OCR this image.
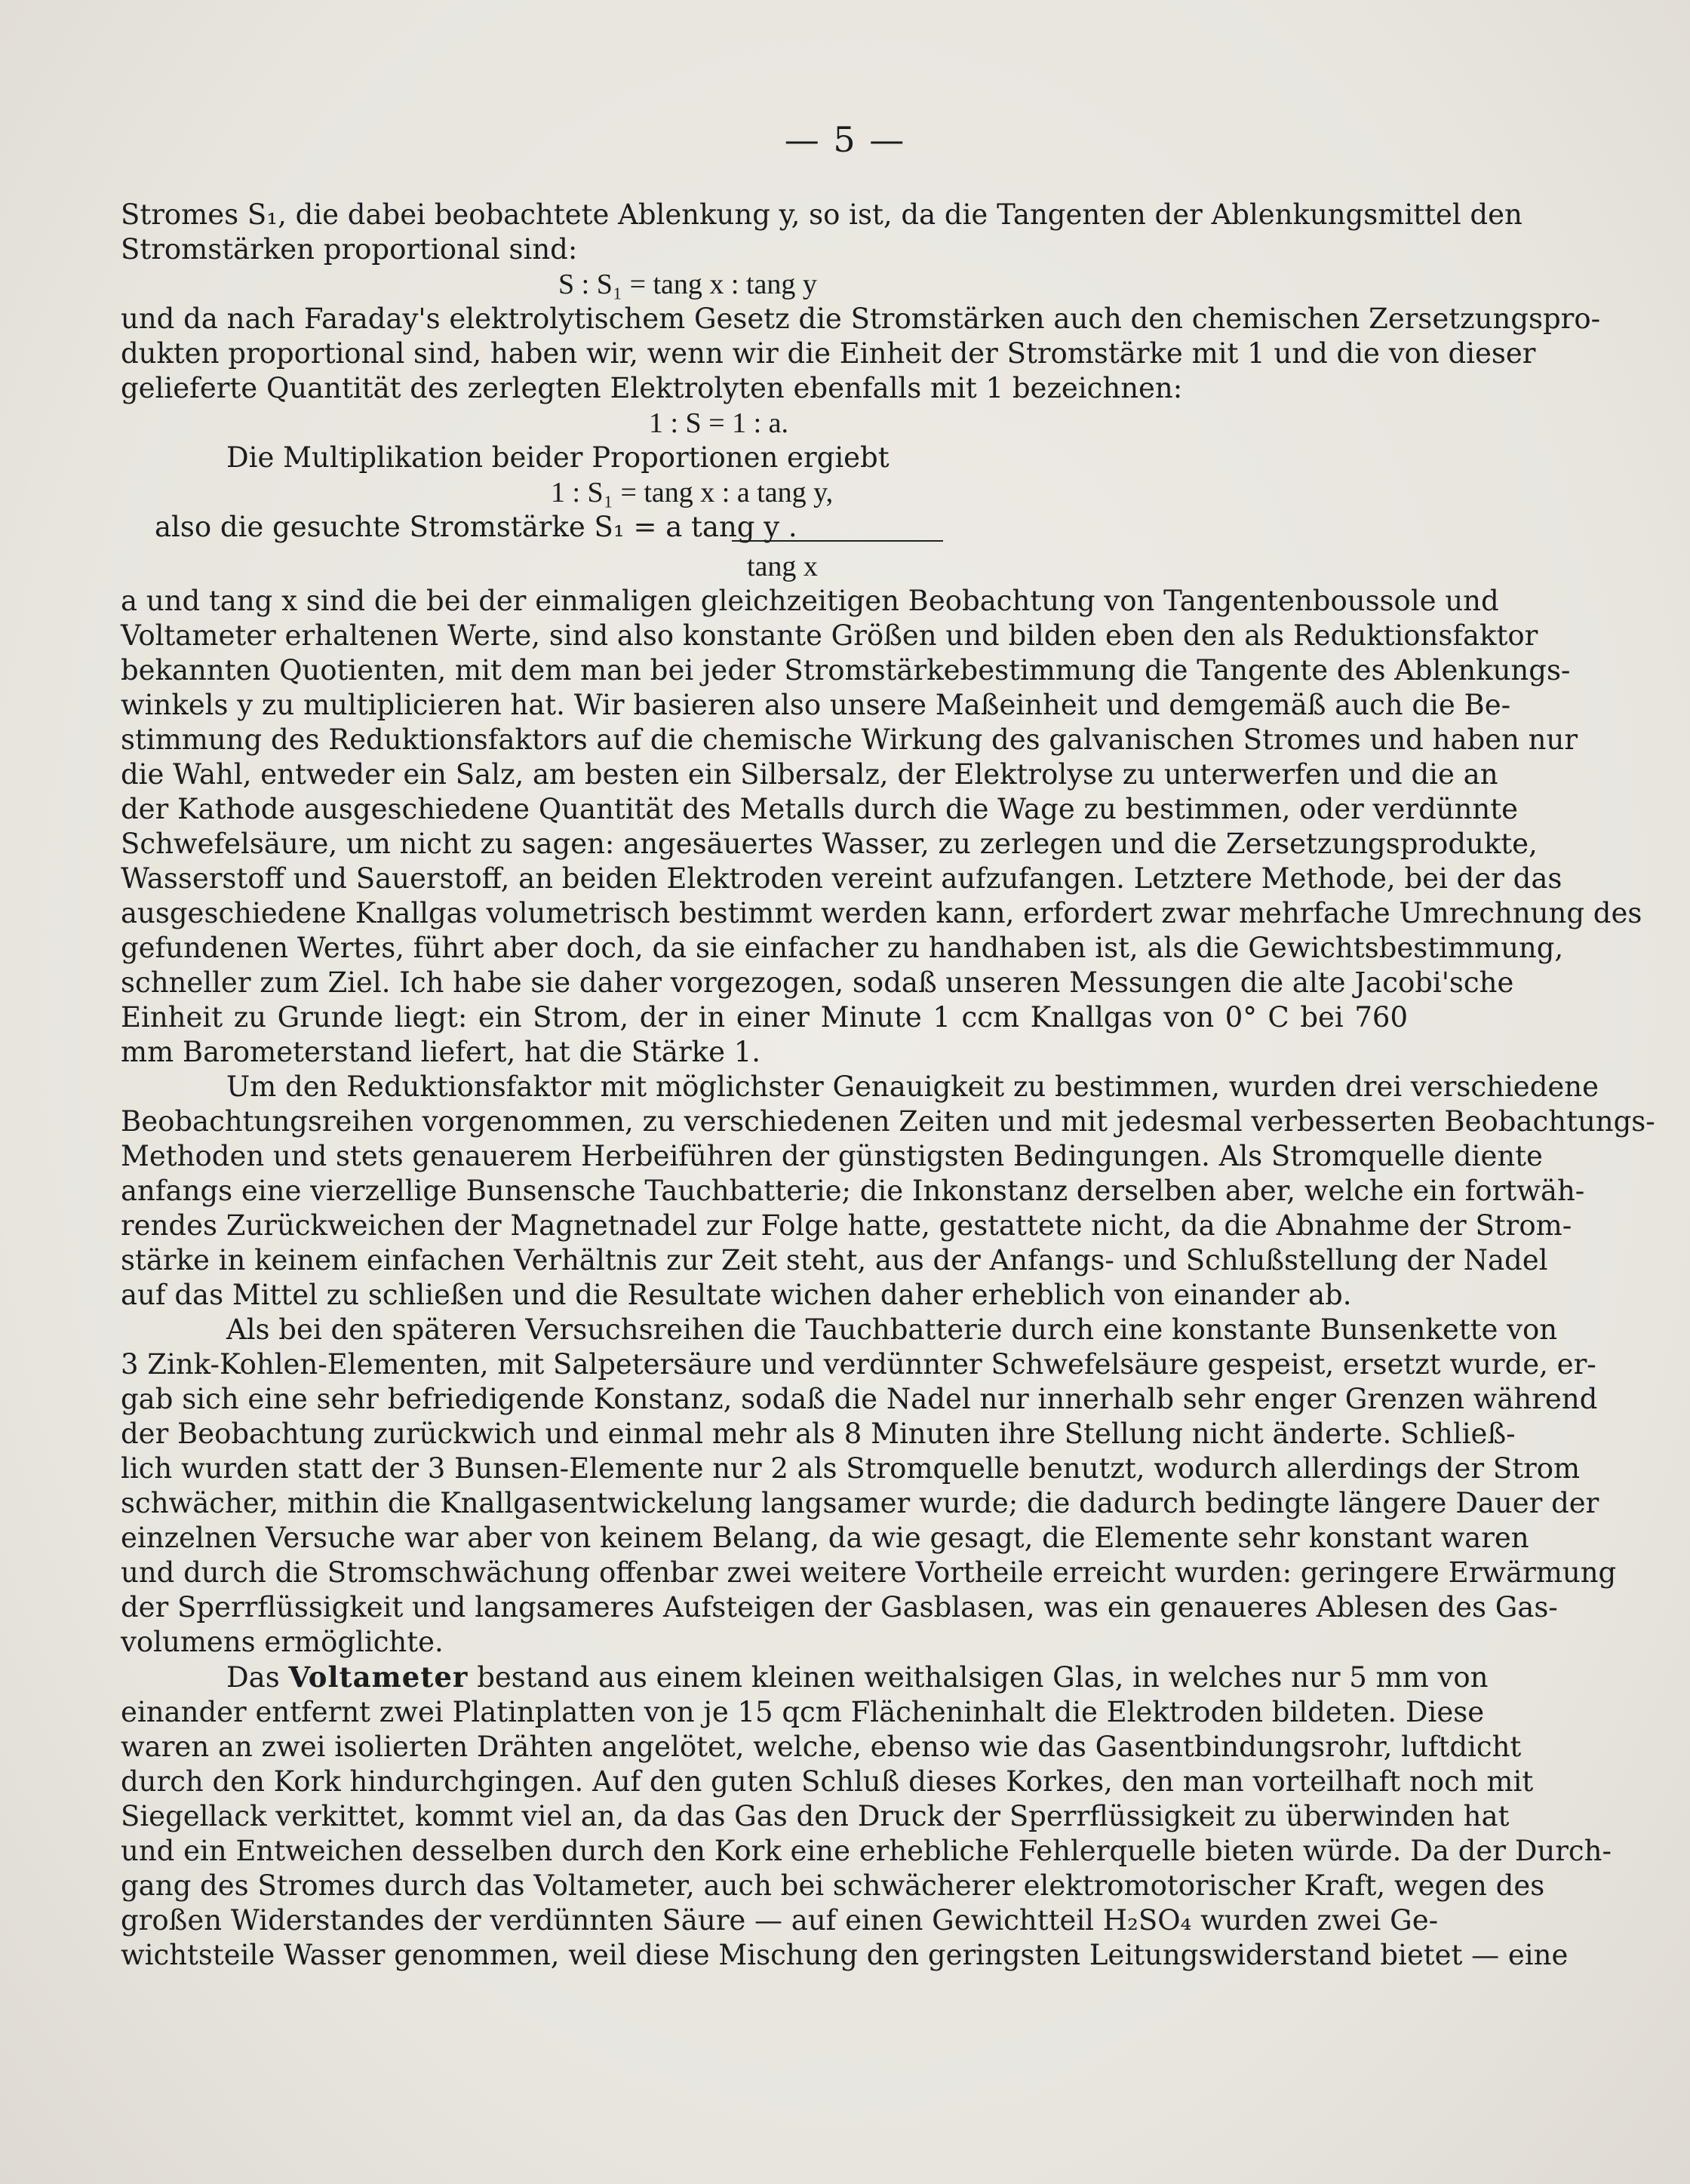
— 5 —
Stromes S₁, die dabei beobachtete Ablenkung y, so ist, da die Tangenten der Ablenkungsmittel den
Stromstärken proportional sind:
S : S₁ = tang x : tang y
und da nach Faraday's elektrolytischem Gesetz die Stromstärken auch den chemischen Zersetzungspro-
dukten proportional sind, haben wir, wenn wir die Einheit der Stromstärke mit 1 und die von dieser
gelieferte Quantität des zerlegten Elektrolyten ebenfalls mit 1 bezeichnen:
1 : S = 1 : a.
Die Multiplikation beider Proportionen ergiebt
1 : S₁ = tang x : a tang y,
also die gesuchte Stromstärke S₁ = a tang y .
tang x
a und tang x sind die bei der einmaligen gleichzeitigen Beobachtung von Tangentenboussole und
Voltameter erhaltenen Werte, sind also konstante Größen und bilden eben den als Reduktionsfaktor
bekannten Quotienten, mit dem man bei jeder Stromstärkebestimmung die Tangente des Ablenkungs-
winkels y zu multiplicieren hat. Wir basieren also unsere Maßeinheit und demgemäß auch die Be-
stimmung des Reduktionsfaktors auf die chemische Wirkung des galvanischen Stromes und haben nur
die Wahl, entweder ein Salz, am besten ein Silbersalz, der Elektrolyse zu unterwerfen und die an
der Kathode ausgeschiedene Quantität des Metalls durch die Wage zu bestimmen, oder verdünnte
Schwefelsäure, um nicht zu sagen: angesäuertes Wasser, zu zerlegen und die Zersetzungsprodukte,
Wasserstoff und Sauerstoff, an beiden Elektroden vereint aufzufangen. Letztere Methode, bei der das
ausgeschiedene Knallgas volumetrisch bestimmt werden kann, erfordert zwar mehrfache Umrechnung des
gefundenen Wertes, führt aber doch, da sie einfacher zu handhaben ist, als die Gewichtsbestimmung,
schneller zum Ziel. Ich habe sie daher vorgezogen, sodaß unseren Messungen die alte Jacobi'sche
Einheit zu Grunde liegt: ein Strom, der in einer Minute 1 ccm Knallgas von 0° C bei 760
mm Barometerstand liefert, hat die Stärke 1.
Um den Reduktionsfaktor mit möglichster Genauigkeit zu bestimmen, wurden drei verschiedene
Beobachtungsreihen vorgenommen, zu verschiedenen Zeiten und mit jedesmal verbesserten Beobachtungs-
Methoden und stets genauerem Herbeiführen der günstigsten Bedingungen. Als Stromquelle diente
anfangs eine vierzellige Bunsensche Tauchbatterie; die Inkonstanz derselben aber, welche ein fortwäh-
rendes Zurückweichen der Magnetnadel zur Folge hatte, gestattete nicht, da die Abnahme der Strom-
stärke in keinem einfachen Verhältnis zur Zeit steht, aus der Anfangs- und Schlußstellung der Nadel
auf das Mittel zu schließen und die Resultate wichen daher erheblich von einander ab.
Als bei den späteren Versuchsreihen die Tauchbatterie durch eine konstante Bunsenkette von
3 Zink-Kohlen-Elementen, mit Salpetersäure und verdünnter Schwefelsäure gespeist, ersetzt wurde, er-
gab sich eine sehr befriedigende Konstanz, sodaß die Nadel nur innerhalb sehr enger Grenzen während
der Beobachtung zurückwich und einmal mehr als 8 Minuten ihre Stellung nicht änderte. Schließ-
lich wurden statt der 3 Bunsen-Elemente nur 2 als Stromquelle benutzt, wodurch allerdings der Strom
schwächer, mithin die Knallgasentwickelung langsamer wurde; die dadurch bedingte längere Dauer der
einzelnen Versuche war aber von keinem Belang, da wie gesagt, die Elemente sehr konstant waren
und durch die Stromschwächung offenbar zwei weitere Vortheile erreicht wurden: geringere Erwärmung
der Sperrflüssigkeit und langsameres Aufsteigen der Gasblasen, was ein genaueres Ablesen des Gas-
volumens ermöglichte.
Das Voltameter bestand aus einem kleinen weithalsigen Glas, in welches nur 5 mm von
einander entfernt zwei Platinplatten von je 15 qcm Flächeninhalt die Elektroden bildeten. Diese
waren an zwei isolierten Drähten angelötet, welche, ebenso wie das Gasentbindungsrohr, luftdicht
durch den Kork hindurchgingen. Auf den guten Schluß dieses Korkes, den man vorteilhaft noch mit
Siegellack verkittet, kommt viel an, da das Gas den Druck der Sperrflüssigkeit zu überwinden hat
und ein Entweichen desselben durch den Kork eine erhebliche Fehlerquelle bieten würde. Da der Durch-
gang des Stromes durch das Voltameter, auch bei schwächerer elektromotorischer Kraft, wegen des
großen Widerstandes der verdünnten Säure — auf einen Gewichtteil H₂SO₄ wurden zwei Ge-
wichtsteile Wasser genommen, weil diese Mischung den geringsten Leitungswiderstand bietet — eine
